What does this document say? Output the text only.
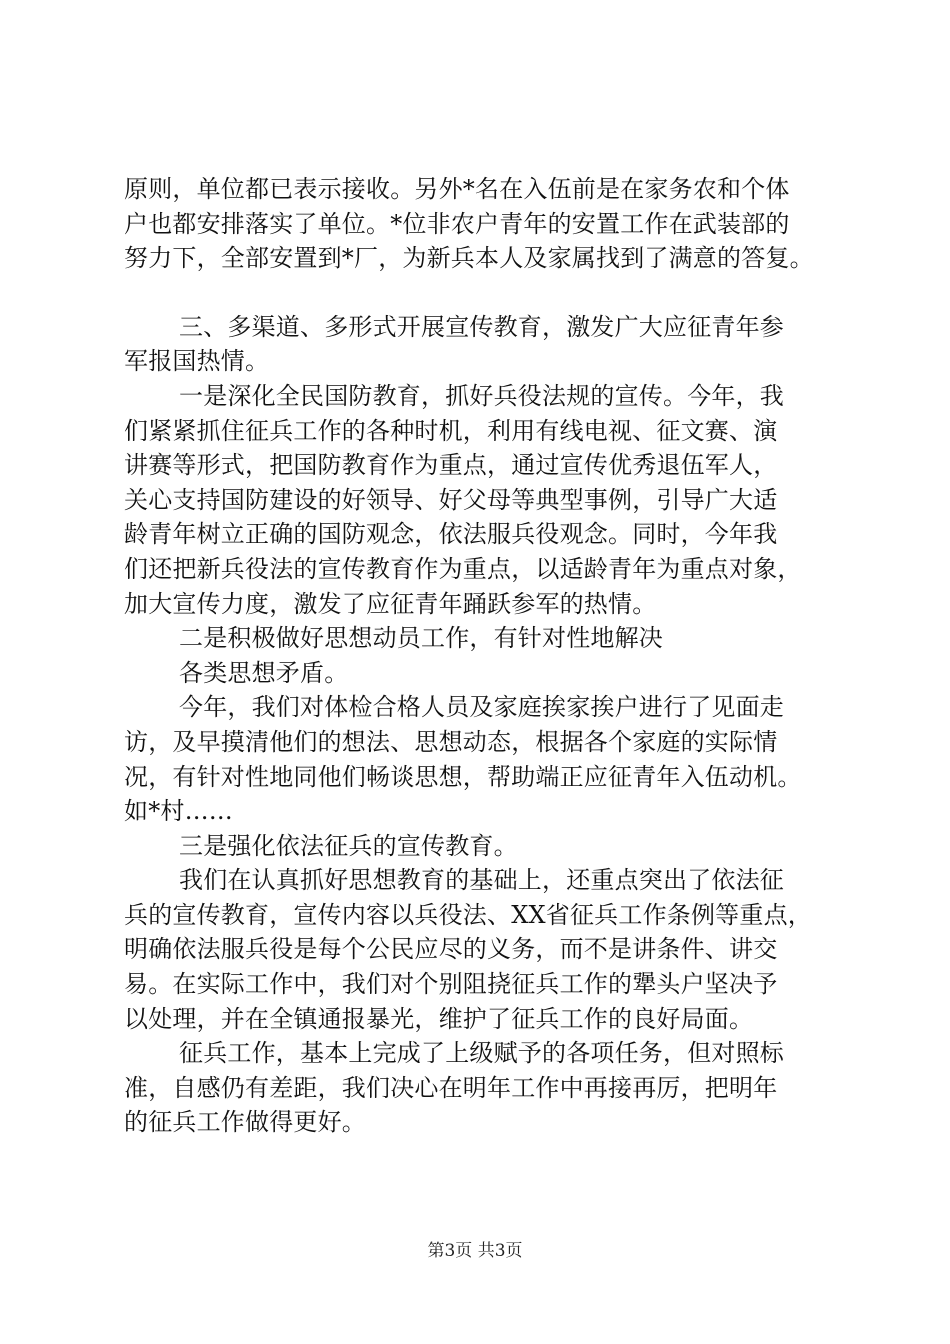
原则，单位都已表示接收。另外*名在入伍前是在家务农和个体
户也都安排落实了单位。*位非农户青年的安置工作在武装部的
努力下，全部安置到*厂，为新兵本人及家属找到了满意的答复。
三、多渠道、多形式开展宣传教育，激发广大应征青年参
军报国热情。
一是深化全民国防教育，抓好兵役法规的宣传。今年，我
们紧紧抓住征兵工作的各种时机，利用有线电视、征文赛、演
讲赛等形式，把国防教育作为重点，通过宣传优秀退伍军人，
关心支持国防建设的好领导、好父母等典型事例，引导广大适
龄青年树立正确的国防观念，依法服兵役观念。同时，今年我
们还把新兵役法的宣传教育作为重点，以适龄青年为重点对象，
加大宣传力度，激发了应征青年踊跃参军的热情。
二是积极做好思想动员工作，有针对性地解决
各类思想矛盾。
今年，我们对体检合格人员及家庭挨家挨户进行了见面走
访，及早摸清他们的想法、思想动态，根据各个家庭的实际情
况，有针对性地同他们畅谈思想，帮助端正应征青年入伍动机。
如*村……
三是强化依法征兵的宣传教育。
我们在认真抓好思想教育的基础上，还重点突出了依法征
兵的宣传教育，宣传内容以兵役法、XX省征兵工作条例等重点，
明确依法服兵役是每个公民应尽的义务，而不是讲条件、讲交
易。在实际工作中，我们对个别阻挠征兵工作的犟头户坚决予
以处理，并在全镇通报暴光，维护了征兵工作的良好局面。
征兵工作，基本上完成了上级赋予的各项任务，但对照标
准，自感仍有差距，我们决心在明年工作中再接再厉，把明年
的征兵工作做得更好。
第3页 共3页
